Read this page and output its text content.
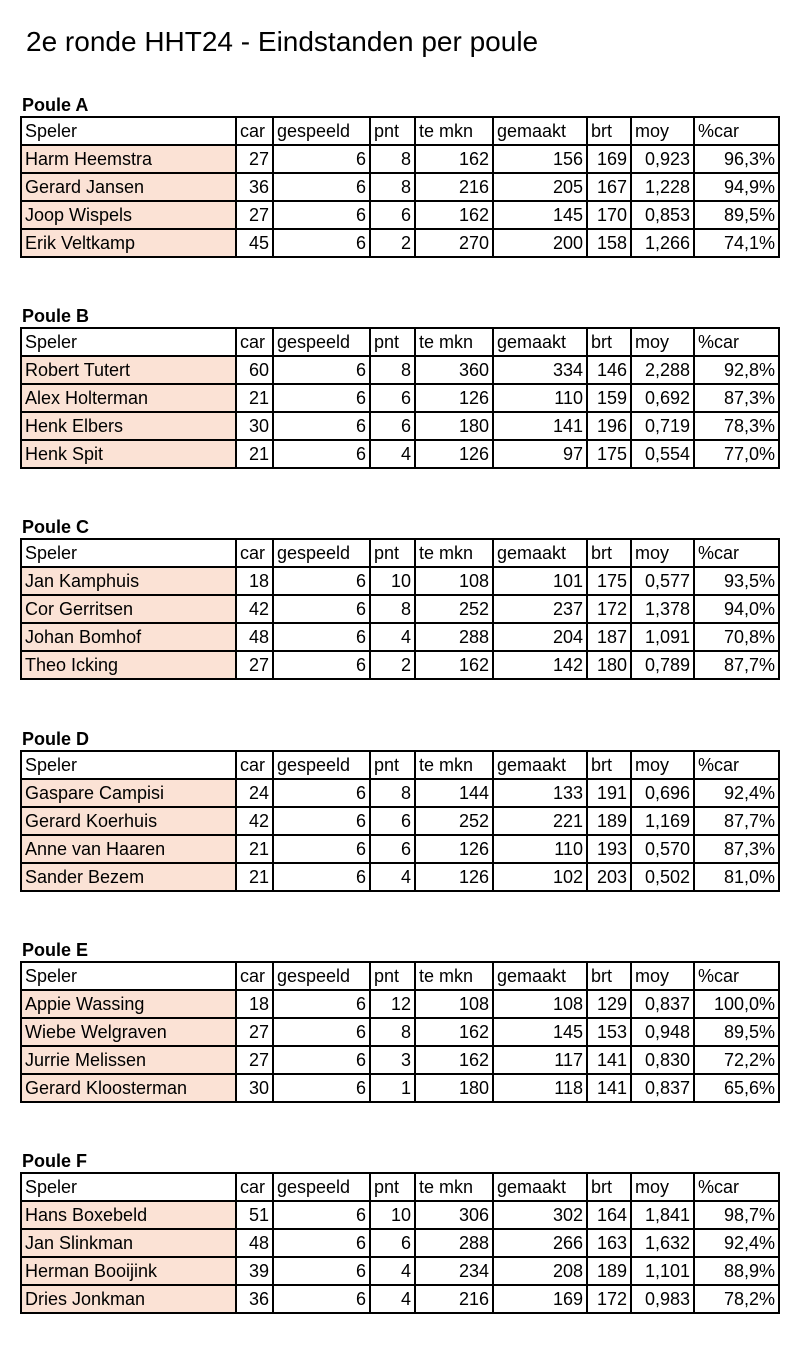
2e ronde HHT24 - Eindstanden per poule
Poule A
Speler	car	gespeeld	pnt	te mkn	gemaakt	brt	moy	%car
Harm Heemstra	27	6	8	162	156	169	0,923	96,3%
Gerard Jansen	36	6	8	216	205	167	1,228	94,9%
Joop Wispels	27	6	6	162	145	170	0,853	89,5%
Erik Veltkamp	45	6	2	270	200	158	1,266	74,1%
Poule B
Speler	car	gespeeld	pnt	te mkn	gemaakt	brt	moy	%car
Robert Tutert	60	6	8	360	334	146	2,288	92,8%
Alex Holterman	21	6	6	126	110	159	0,692	87,3%
Henk Elbers	30	6	6	180	141	196	0,719	78,3%
Henk Spit	21	6	4	126	97	175	0,554	77,0%
Poule C
Speler	car	gespeeld	pnt	te mkn	gemaakt	brt	moy	%car
Jan Kamphuis	18	6	10	108	101	175	0,577	93,5%
Cor Gerritsen	42	6	8	252	237	172	1,378	94,0%
Johan Bomhof	48	6	4	288	204	187	1,091	70,8%
Theo Icking	27	6	2	162	142	180	0,789	87,7%
Poule D
Speler	car	gespeeld	pnt	te mkn	gemaakt	brt	moy	%car
Gaspare Campisi	24	6	8	144	133	191	0,696	92,4%
Gerard Koerhuis	42	6	6	252	221	189	1,169	87,7%
Anne van Haaren	21	6	6	126	110	193	0,570	87,3%
Sander Bezem	21	6	4	126	102	203	0,502	81,0%
Poule E
Speler	car	gespeeld	pnt	te mkn	gemaakt	brt	moy	%car
Appie Wassing	18	6	12	108	108	129	0,837	100,0%
Wiebe Welgraven	27	6	8	162	145	153	0,948	89,5%
Jurrie Melissen	27	6	3	162	117	141	0,830	72,2%
Gerard Kloosterman	30	6	1	180	118	141	0,837	65,6%
Poule F
Speler	car	gespeeld	pnt	te mkn	gemaakt	brt	moy	%car
Hans Boxebeld	51	6	10	306	302	164	1,841	98,7%
Jan Slinkman	48	6	6	288	266	163	1,632	92,4%
Herman Booijink	39	6	4	234	208	189	1,101	88,9%
Dries Jonkman	36	6	4	216	169	172	0,983	78,2%
